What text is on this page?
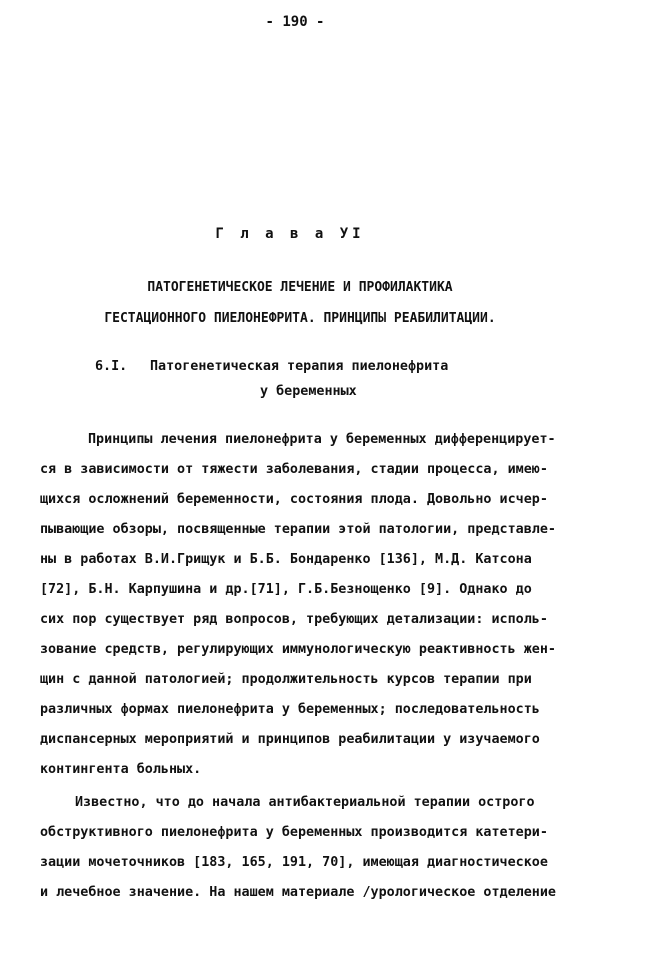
- 190 -
Г л а в а УI
ПАТОГЕНЕТИЧЕСКОЕ ЛЕЧЕНИЕ И ПРОФИЛАКТИКА
ГЕСТАЦИОННОГО ПИЕЛОНЕФРИТА. ПРИНЦИПЫ РЕАБИЛИТАЦИИ.
6.I. Патогенетическая терапия пиелонефрита
у беременных
Принципы лечения пиелонефрита у беременных дифференцирует-
ся в зависимости от тяжести заболевания, стадии процесса, имею-
щихся осложнений беременности, состояния плода. Довольно исчер-
пывающие обзоры, посвященные терапии этой патологии, представле-
ны в работах В.И.Грищук и Б.Б. Бондаренко [136], М.Д. Катсона
[72], Б.Н. Карпушина и др.[71], Г.Б.Безнощенко [9]. Однако до
сих пор существует ряд вопросов, требующих детализации: исполь-
зование средств, регулирующих иммунологическую реактивность жен-
щин с данной патологией; продолжительность курсов терапии при
различных формах пиелонефрита у беременных; последовательность
диспансерных мероприятий и принципов реабилитации у изучаемого
контингента больных.
Известно, что до начала антибактериальной терапии острого
обструктивного пиелонефрита у беременных производится катетери-
зации мочеточников [183, 165, 191, 70], имеющая диагностическое
и лечебное значение. На нашем материале /урологическое отделение
